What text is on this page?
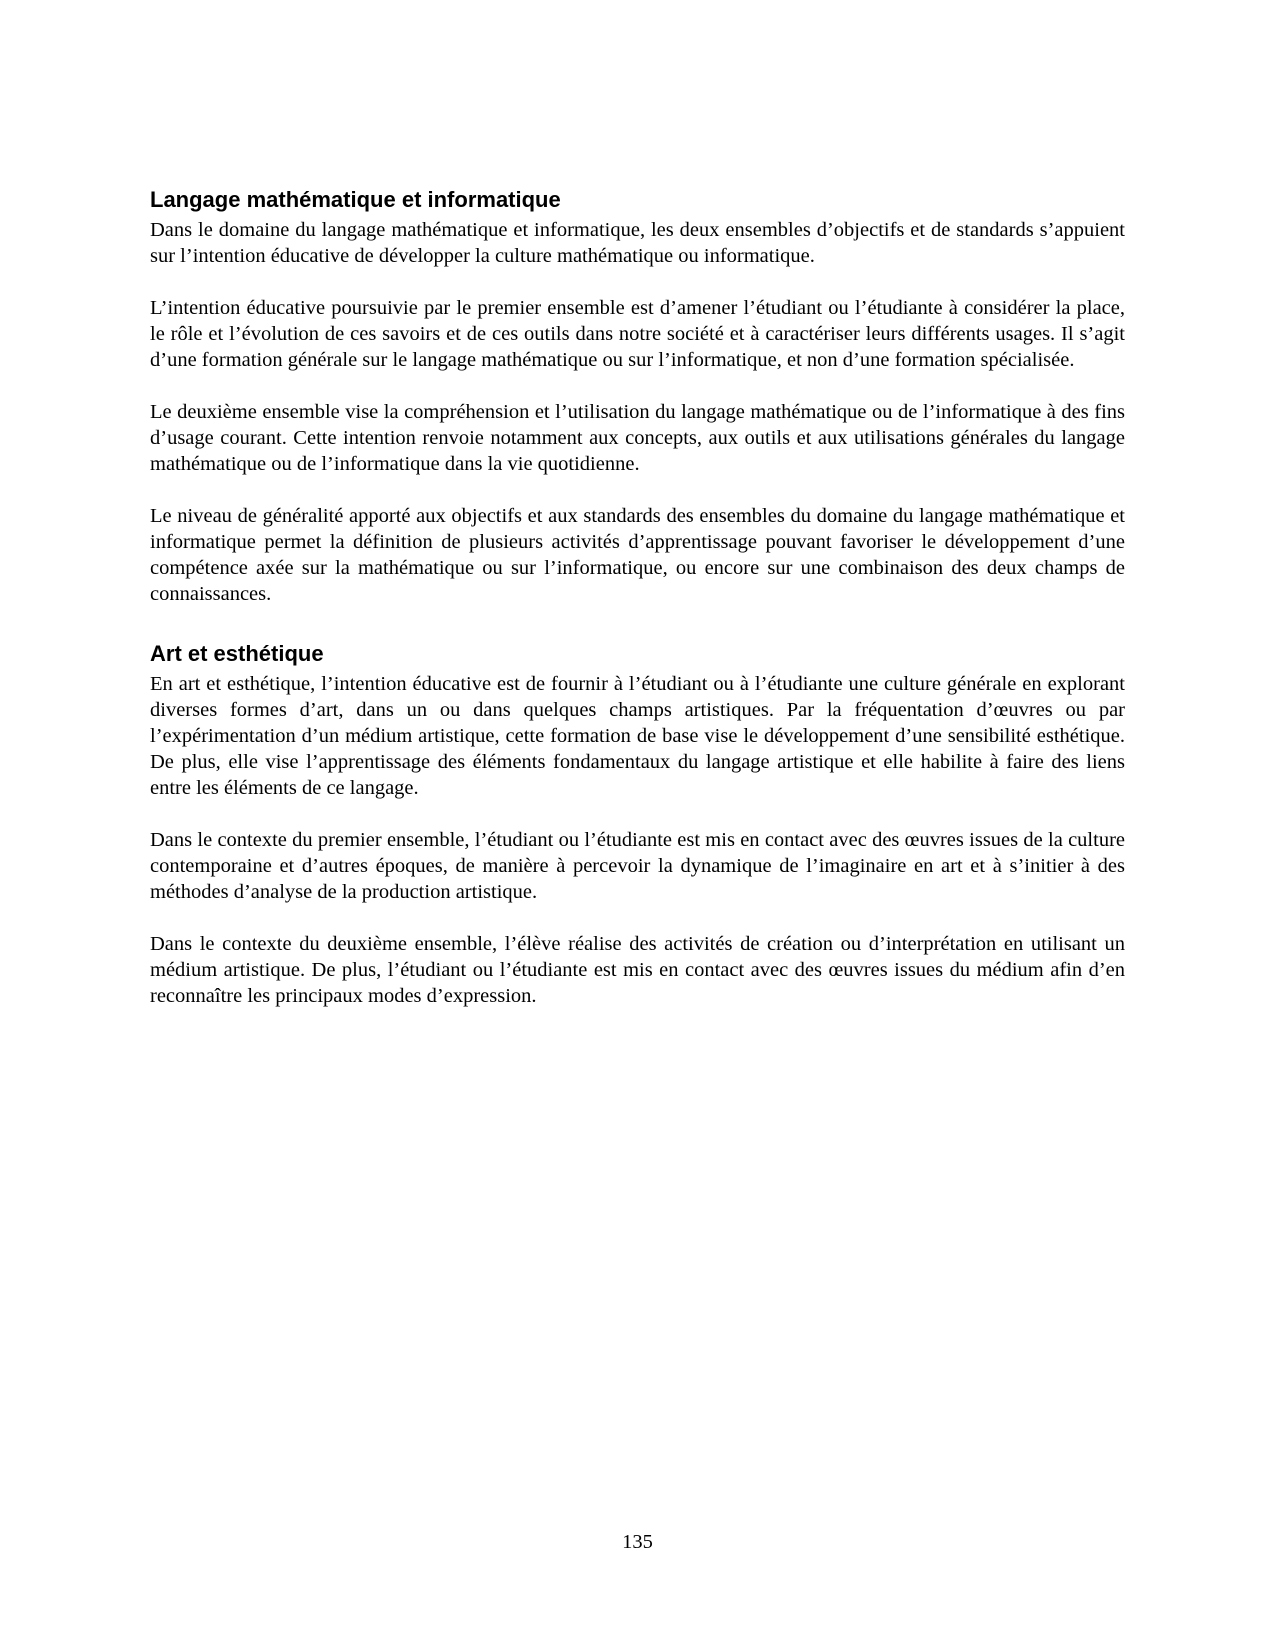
Langage mathématique et informatique

Dans le domaine du langage mathématique et informatique, les deux ensembles d’objectifs et de standards s’appuient sur l’intention éducative de développer la culture mathématique ou informatique.

L’intention éducative poursuivie par le premier ensemble est d’amener l’étudiant ou l’étudiante à considérer la place, le rôle et l’évolution de ces savoirs et de ces outils dans notre société et à caractériser leurs différents usages. Il s’agit d’une formation générale sur le langage mathématique ou sur l’informatique, et non d’une formation spécialisée.

Le deuxième ensemble vise la compréhension et l’utilisation du langage mathématique ou de l’informatique à des fins d’usage courant. Cette intention renvoie notamment aux concepts, aux outils et aux utilisations générales du langage mathématique ou de l’informatique dans la vie quotidienne.

Le niveau de généralité apporté aux objectifs et aux standards des ensembles du domaine du langage mathématique et informatique permet la définition de plusieurs activités d’apprentissage pouvant favoriser le développement d’une compétence axée sur la mathématique ou sur l’informatique, ou encore sur une combinaison des deux champs de connaissances.

Art et esthétique

En art et esthétique, l’intention éducative est de fournir à l’étudiant ou à l’étudiante une culture générale en explorant diverses formes d’art, dans un ou dans quelques champs artistiques. Par la fréquentation d’œuvres ou par l’expérimentation d’un médium artistique, cette formation de base vise le développement d’une sensibilité esthétique. De plus, elle vise l’apprentissage des éléments fondamentaux du langage artistique et elle habilite à faire des liens entre les éléments de ce langage.

Dans le contexte du premier ensemble, l’étudiant ou l’étudiante est mis en contact avec des œuvres issues de la culture contemporaine et d’autres époques, de manière à percevoir la dynamique de l’imaginaire en art et à s’initier à des méthodes d’analyse de la production artistique.

Dans le contexte du deuxième ensemble, l’élève réalise des activités de création ou d’interprétation en utilisant un médium artistique. De plus, l’étudiant ou l’étudiante est mis en contact avec des œuvres issues du médium afin d’en reconnaître les principaux modes d’expression.

135
